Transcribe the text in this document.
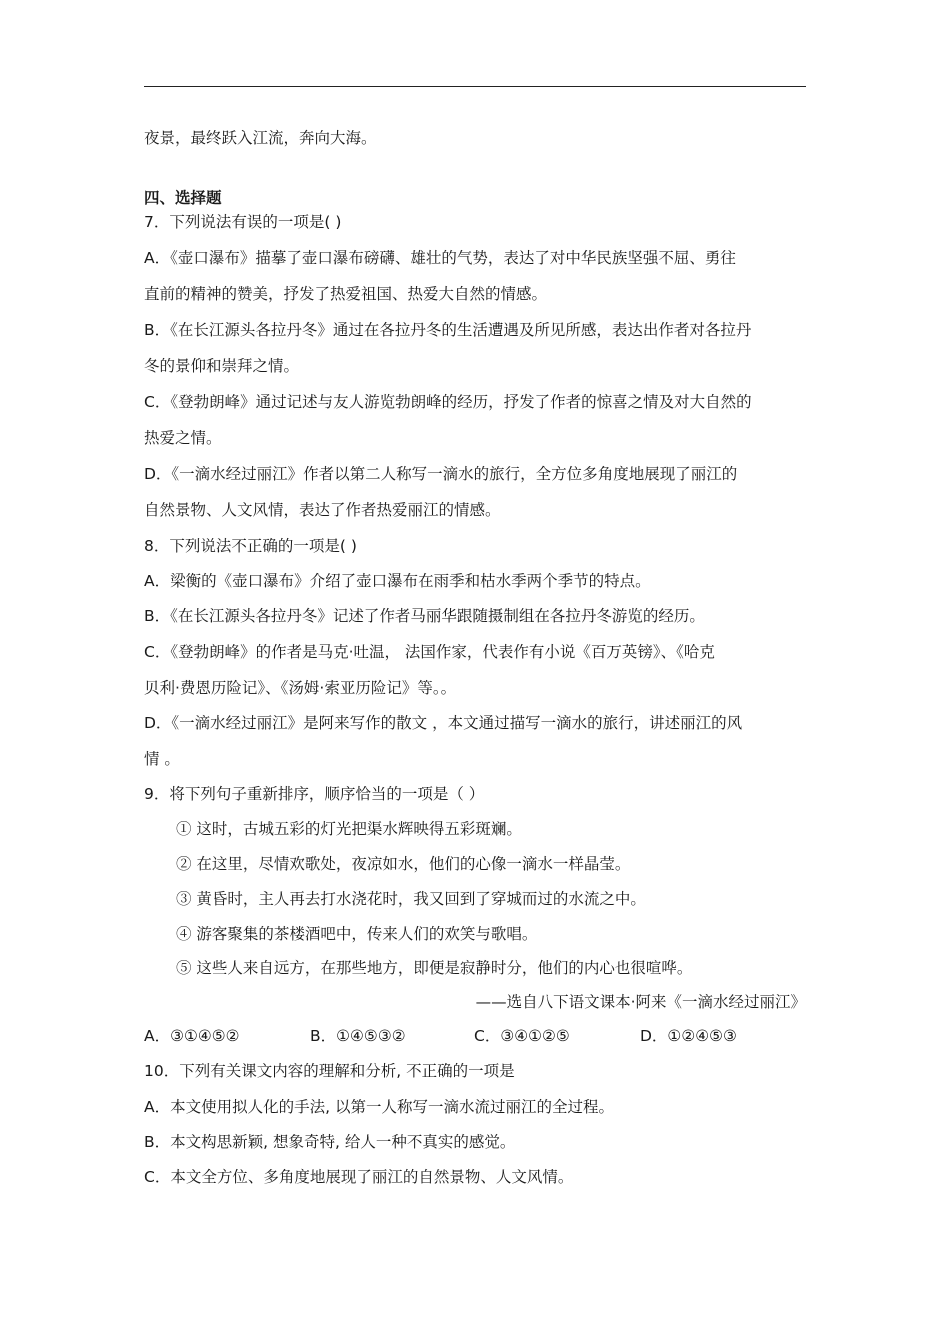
夜景，最终跃入江流，奔向大海。
四、选择题
7．下列说法有误的一项是( )
A．《壶口瀑布》描摹了壶口瀑布磅礴、雄壮的气势，表达了对中华民族坚强不屈、勇往
直前的精神的赞美，抒发了热爱祖国、热爱大自然的情感。
B．《在长江源头各拉丹冬》通过在各拉丹冬的生活遭遇及所见所感，表达出作者对各拉丹
冬的景仰和崇拜之情。
C．《登勃朗峰》通过记述与友人游览勃朗峰的经历，抒发了作者的惊喜之情及对大自然的
热爱之情。
D．《一滴水经过丽江》作者以第二人称写一滴水的旅行，全方位多角度地展现了丽江的
自然景物、人文风情，表达了作者热爱丽江的情感。
8．下列说法不正确的一项是( )
A．梁衡的《壶口瀑布》介绍了壶口瀑布在雨季和枯水季两个季节的特点。
B．《在长江源头各拉丹冬》记述了作者马丽华跟随摄制组在各拉丹冬游览的经历。
C．《登勃朗峰》的作者是马克·吐温， 法国作家，代表作有小说《百万英镑》、《哈克
贝利·费恩历险记》、《汤姆·索亚历险记》等。。
D．《一滴水经过丽江》是阿来写作的散文 ，本文通过描写一滴水的旅行，讲述丽江的风
情 。
9．将下列句子重新排序，顺序恰当的一项是（ ）
① 这时，古城五彩的灯光把渠水辉映得五彩斑斓。
② 在这里，尽情欢歌处，夜凉如水，他们的心像一滴水一样晶莹。
③ 黄昏时，主人再去打水浇花时，我又回到了穿城而过的水流之中。
④ 游客聚集的茶楼酒吧中，传来人们的欢笑与歌唱。
⑤ 这些人来自远方，在那些地方，即便是寂静时分，他们的内心也很喧哗。
——选自八下语文课本·阿来《一滴水经过丽江》
A．③①④⑤②	B．①④⑤③②	C．③④①②⑤	D．①②④⑤③
10．下列有关课文内容的理解和分析, 不正确的一项是
A．本文使用拟人化的手法, 以第一人称写一滴水流过丽江的全过程。
B．本文构思新颖, 想象奇特, 给人一种不真实的感觉。
C．本文全方位、多角度地展现了丽江的自然景物、人文风情。
